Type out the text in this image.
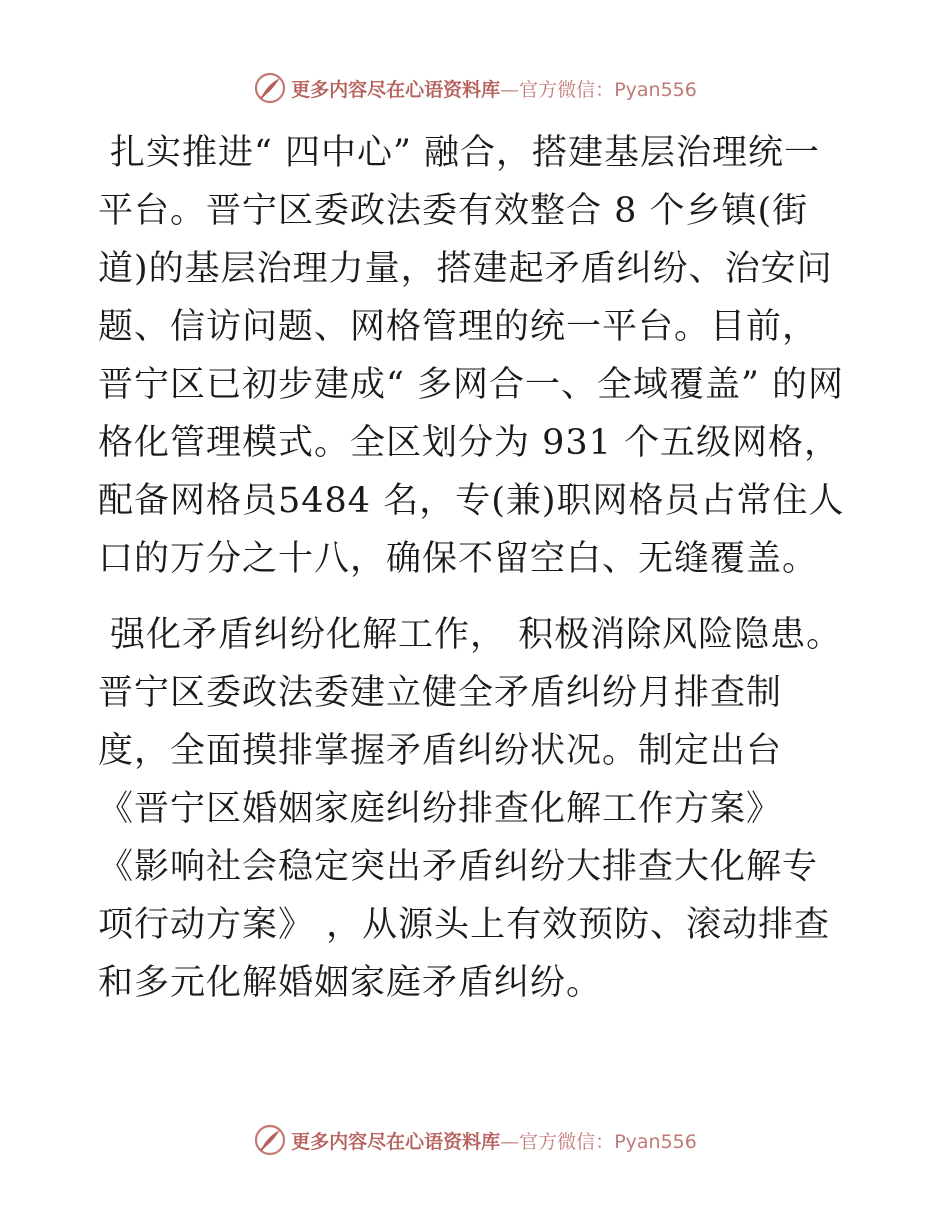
更多内容尽在心语资料库—官方微信：Pyan556

扎实推进“ 四中心” 融合，搭建基层治理统一平台。晋宁区委政法委有效整合 8 个乡镇(街道)的基层治理力量，搭建起矛盾纠纷、治安问题、信访问题、网格管理的统一平台。目前，晋宁区已初步建成“ 多网合一、全域覆盖” 的网格化管理模式。全区划分为 931 个五级网格，配备网格员5484 名，专(兼)职网格员占常住人口的万分之十八，确保不留空白、无缝覆盖。

强化矛盾纠纷化解工作， 积极消除风险隐患。晋宁区委政法委建立健全矛盾纠纷月排查制度，全面摸排掌握矛盾纠纷状况。制定出台《晋宁区婚姻家庭纠纷排查化解工作方案》 《影响社会稳定突出矛盾纠纷大排查大化解专项行动方案》 ，从源头上有效预防、滚动排查和多元化解婚姻家庭矛盾纠纷。

更多内容尽在心语资料库—官方微信：Pyan556
